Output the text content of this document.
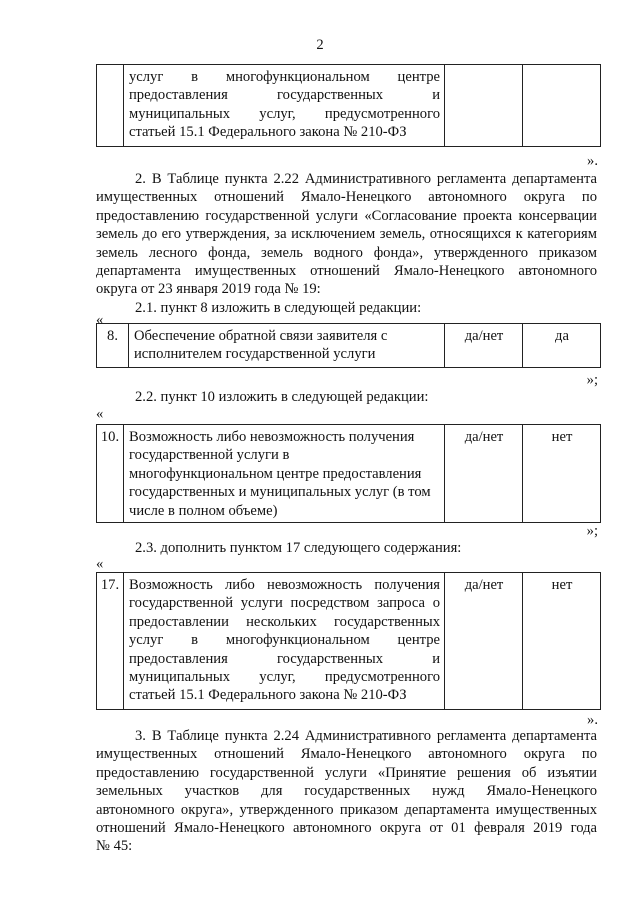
2

услуг в многофункциональном центре
предоставления государственных и
муниципальных услуг, предусмотренного
статьей 15.1 Федерального закона № 210-ФЗ

».
2. В Таблице пункта 2.22 Административного регламента департамента
имущественных отношений Ямало-Ненецкого автономного округа по
предоставлению государственной услуги «Согласование проекта консервации
земель до его утверждения, за исключением земель, относящихся к категориям
земель лесного фонда, земель водного фонда», утвержденного приказом
департамента имущественных отношений Ямало-Ненецкого автономного
округа от 23 января 2019 года № 19:
2.1. пункт 8 изложить в следующей редакции:
«
8.	Обеспечение обратной связи заявителя с
исполнителем государственной услуги
	да/нет	да
»;
2.2. пункт 10 изложить в следующей редакции:
«
10.	Возможность либо невозможность получения
государственной услуги в
многофункциональном центре предоставления
государственных и муниципальных услуг (в том
числе в полном объеме)
	да/нет	нет
»;
2.3. дополнить пунктом 17 следующего содержания:
«
17.	Возможность либо невозможность получения
государственной услуги посредством запроса о
предоставлении нескольких государственных
услуг в многофункциональном центре
предоставления государственных и
муниципальных услуг, предусмотренного
статьей 15.1 Федерального закона № 210-ФЗ
	да/нет	нет
».
3. В Таблице пункта 2.24 Административного регламента департамента
имущественных отношений Ямало-Ненецкого автономного округа по
предоставлению государственной услуги «Принятие решения об изъятии
земельных участков для государственных нужд Ямало-Ненецкого
автономного округа», утвержденного приказом департамента имущественных
отношений Ямало-Ненецкого автономного округа от 01 февраля 2019 года
№ 45:
